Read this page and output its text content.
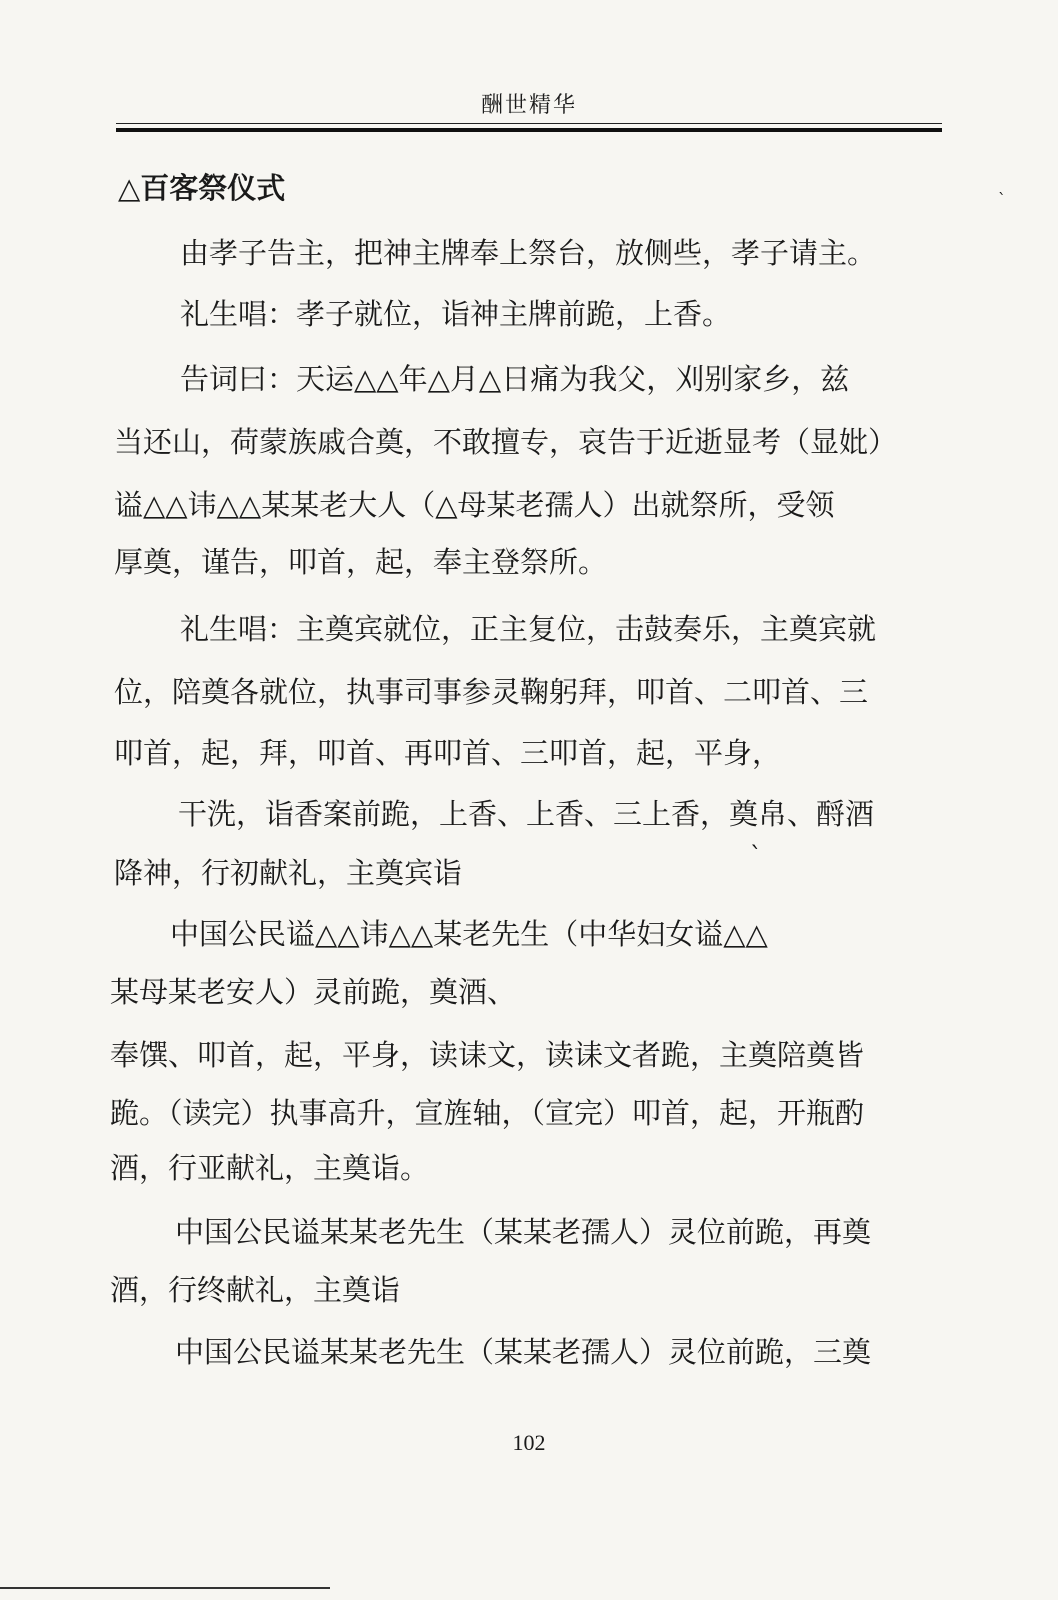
酬世精华
△百客祭仪式
由孝子告主，把神主牌奉上祭台，放侧些，孝子请主。
礼生唱：孝子就位，诣神主牌前跪，上香。
告词曰：天运△△年△月△日痛为我父，刈别家乡，兹
当还山，荷蒙族戚合奠，不敢擅专，哀告于近逝显考（显妣）
谥△△讳△△某某老大人（△母某老孺人）出就祭所，受领
厚奠，谨告，叩首，起，奉主登祭所。
礼生唱：主奠宾就位，正主复位，击鼓奏乐，主奠宾就
位，陪奠各就位，执事司事参灵鞠躬拜，叩首、二叩首、三
叩首，起，拜，叩首、再叩首、三叩首，起，平身，
干洗，诣香案前跪，上香、上香、三上香，奠帛、酹酒
降神，行初献礼，主奠宾诣
中国公民谥△△讳△△某老先生（中华妇女谥△△
某母某老安人）灵前跪，奠酒、
奉馔、叩首，起，平身，读诔文，读诔文者跪，主奠陪奠皆
跪。（读完）执事高升，宣旌轴，（宣完）叩首，起，开瓶酌
酒，行亚献礼，主奠诣。
中国公民谥某某老先生（某某老孺人）灵位前跪，再奠
酒，行终献礼，主奠诣
中国公民谥某某老先生（某某老孺人）灵位前跪，三奠
`
`
102
